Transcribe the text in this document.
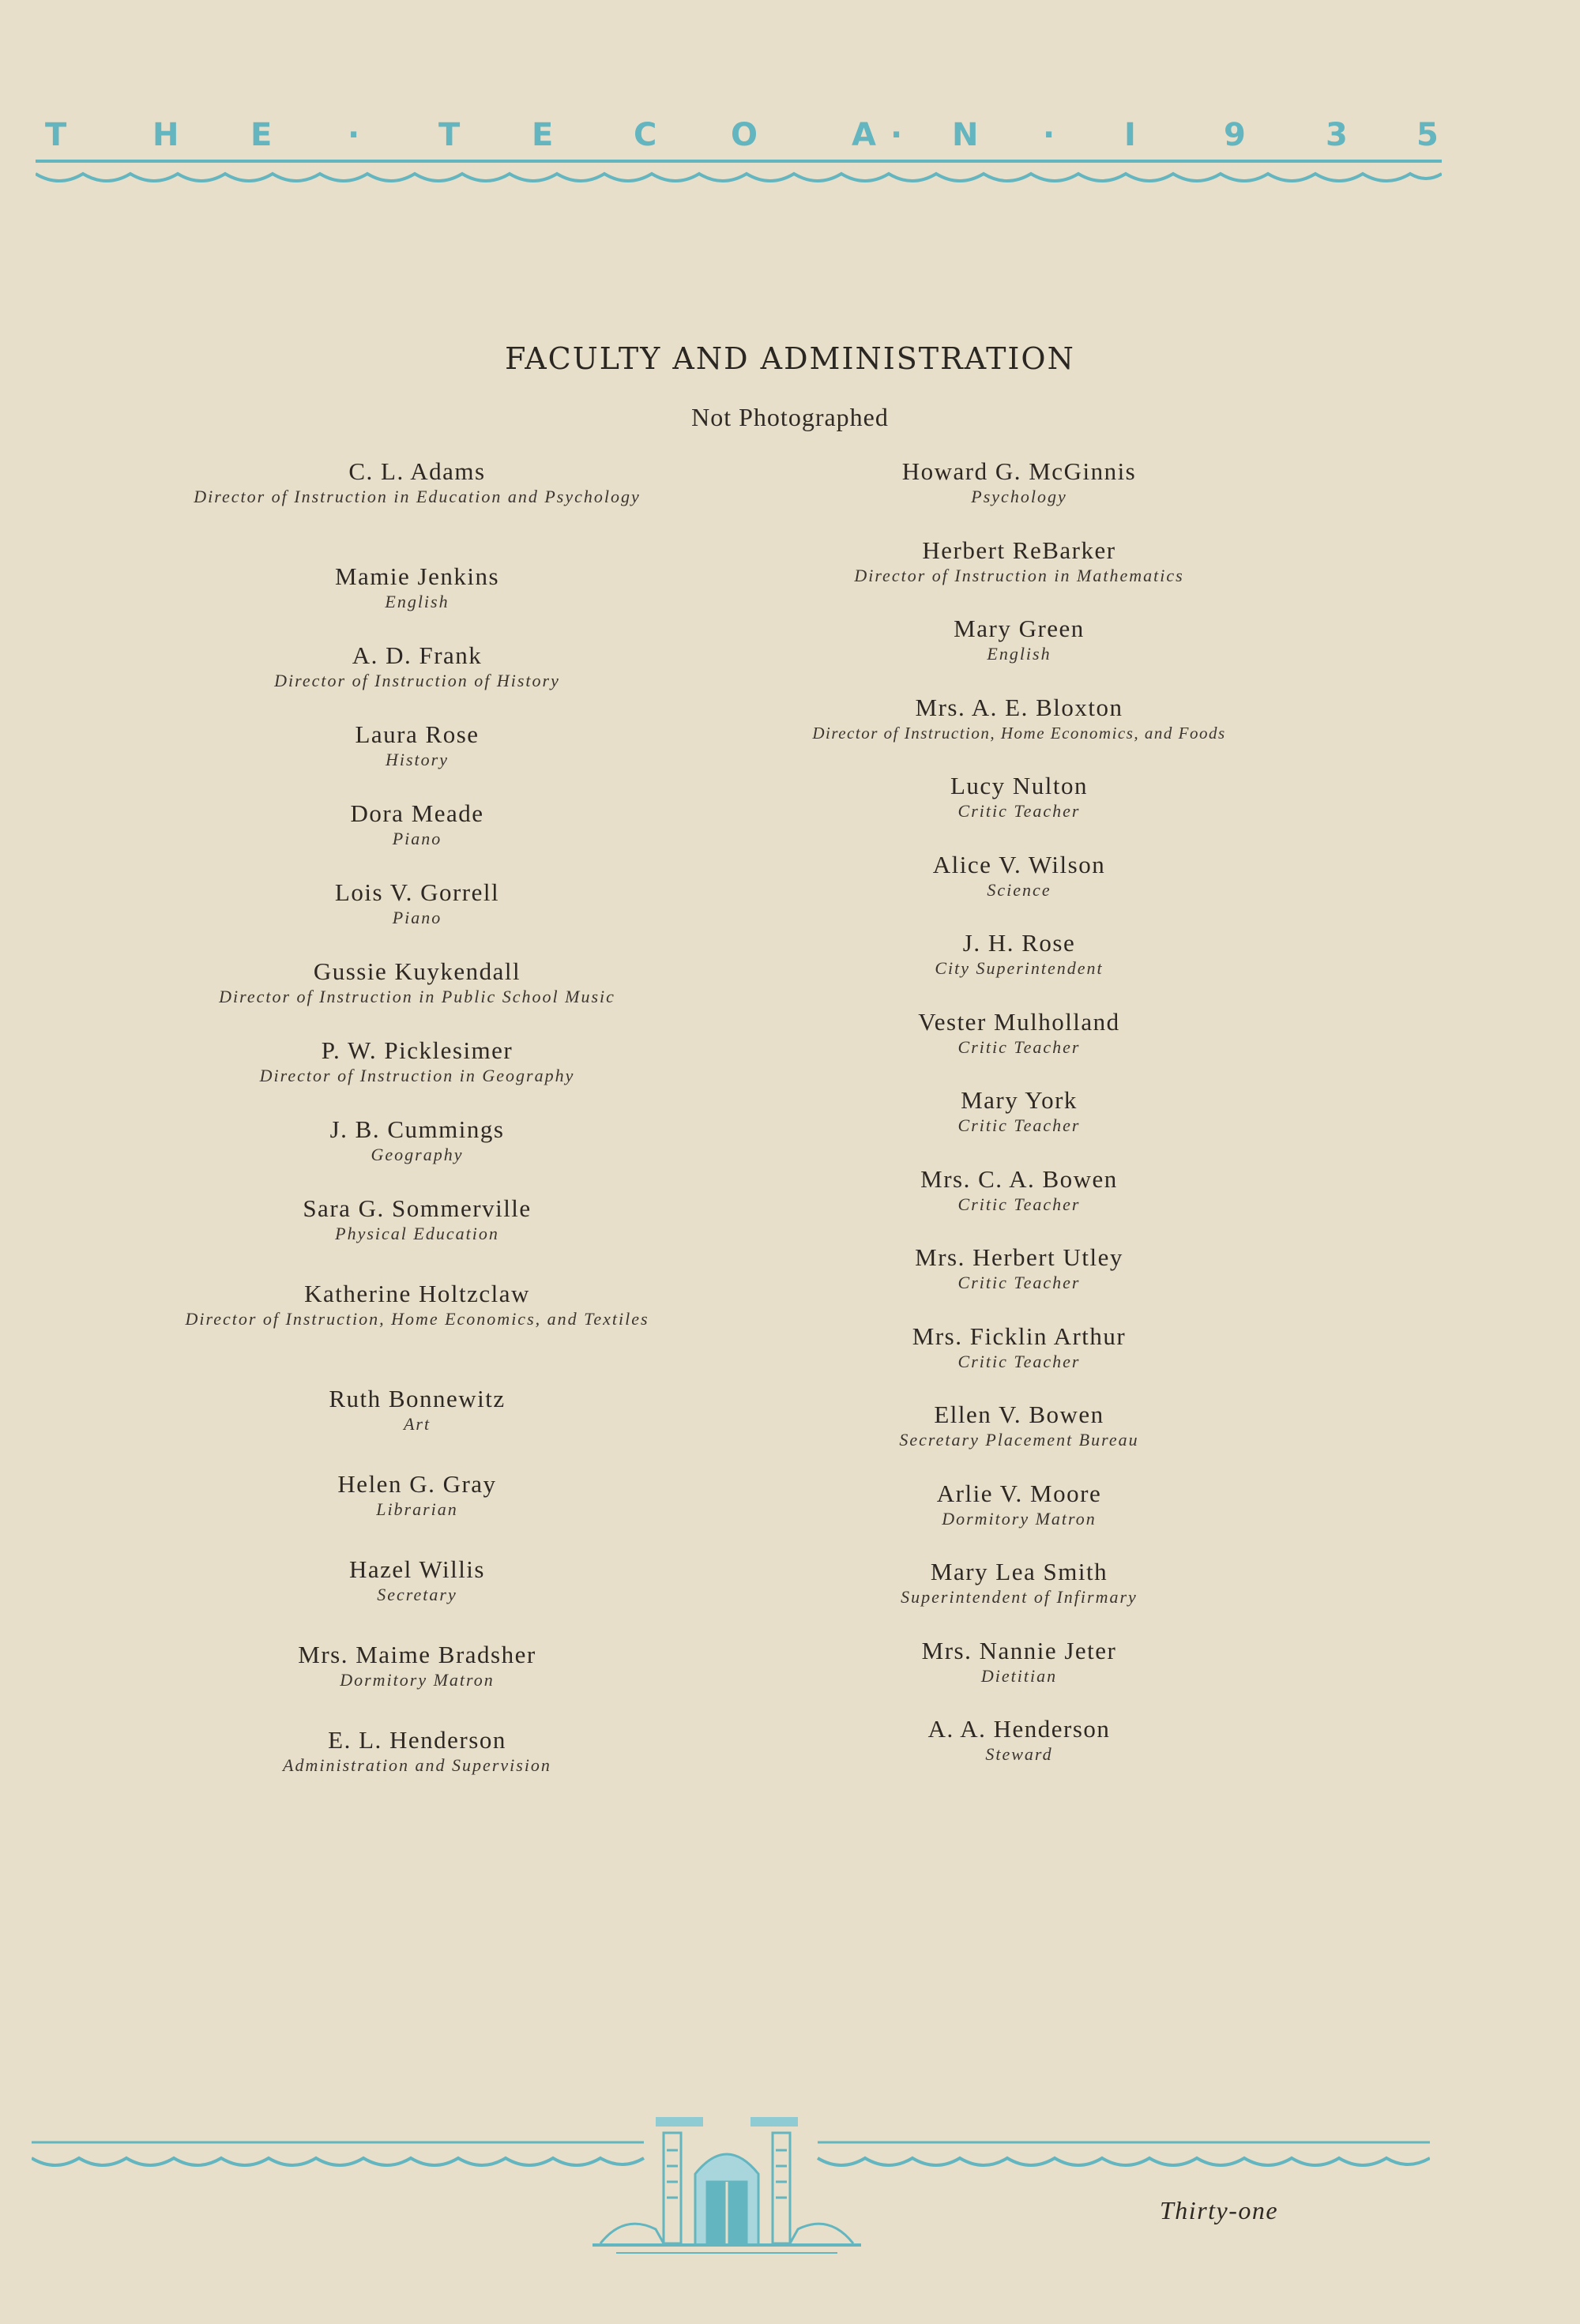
T	H E · T E	C O	A · N · I	9	3 5
FACULTY AND ADMINISTRATION
Not Photographed
C. L. Adams
Director of Instruction in Education and Psychology
Mamie Jenkins
English
A. D. Frank
Director of Instruction of History
Laura Rose
History
Dora Meade
Piano
Lois V. Gorrell
Piano
Gussie Kuykendall
Director of Instruction in Public School Music
P. W. Picklesimer
Director of Instruction in Geography
J. B. Cummings
Geography
Sara G. Sommerville
Physical Education
Katherine Holtzclaw
Director of Instruction, Home Economics, and Textiles
Ruth Bonnewitz
Art
Helen G. Gray
Librarian
Hazel Willis
Secretary
Mrs. Maime Bradsher
Dormitory Matron
E. L. Henderson
Administration and Supervision
Howard G. McGinnis
Psychology
Herbert ReBarker
Director of Instruction in Mathematics
Mary Green
English
Mrs. A. E. Bloxton
Director of Instruction, Home Economics, and Foods
Lucy Nulton
Critic Teacher
Alice V. Wilson
Science
J. H. Rose
City Superintendent
Vester Mulholland
Critic Teacher
Mary York
Critic Teacher
Mrs. C. A. Bowen
Critic Teacher
Mrs. Herbert Utley
Critic Teacher
Mrs. Ficklin Arthur
Critic Teacher
Ellen V. Bowen
Secretary Placement Bureau
Arlie V. Moore
Dormitory Matron
Mary Lea Smith
Superintendent of Infirmary
Mrs. Nannie Jeter
Dietitian
A. A. Henderson
Steward
Thirty-one
